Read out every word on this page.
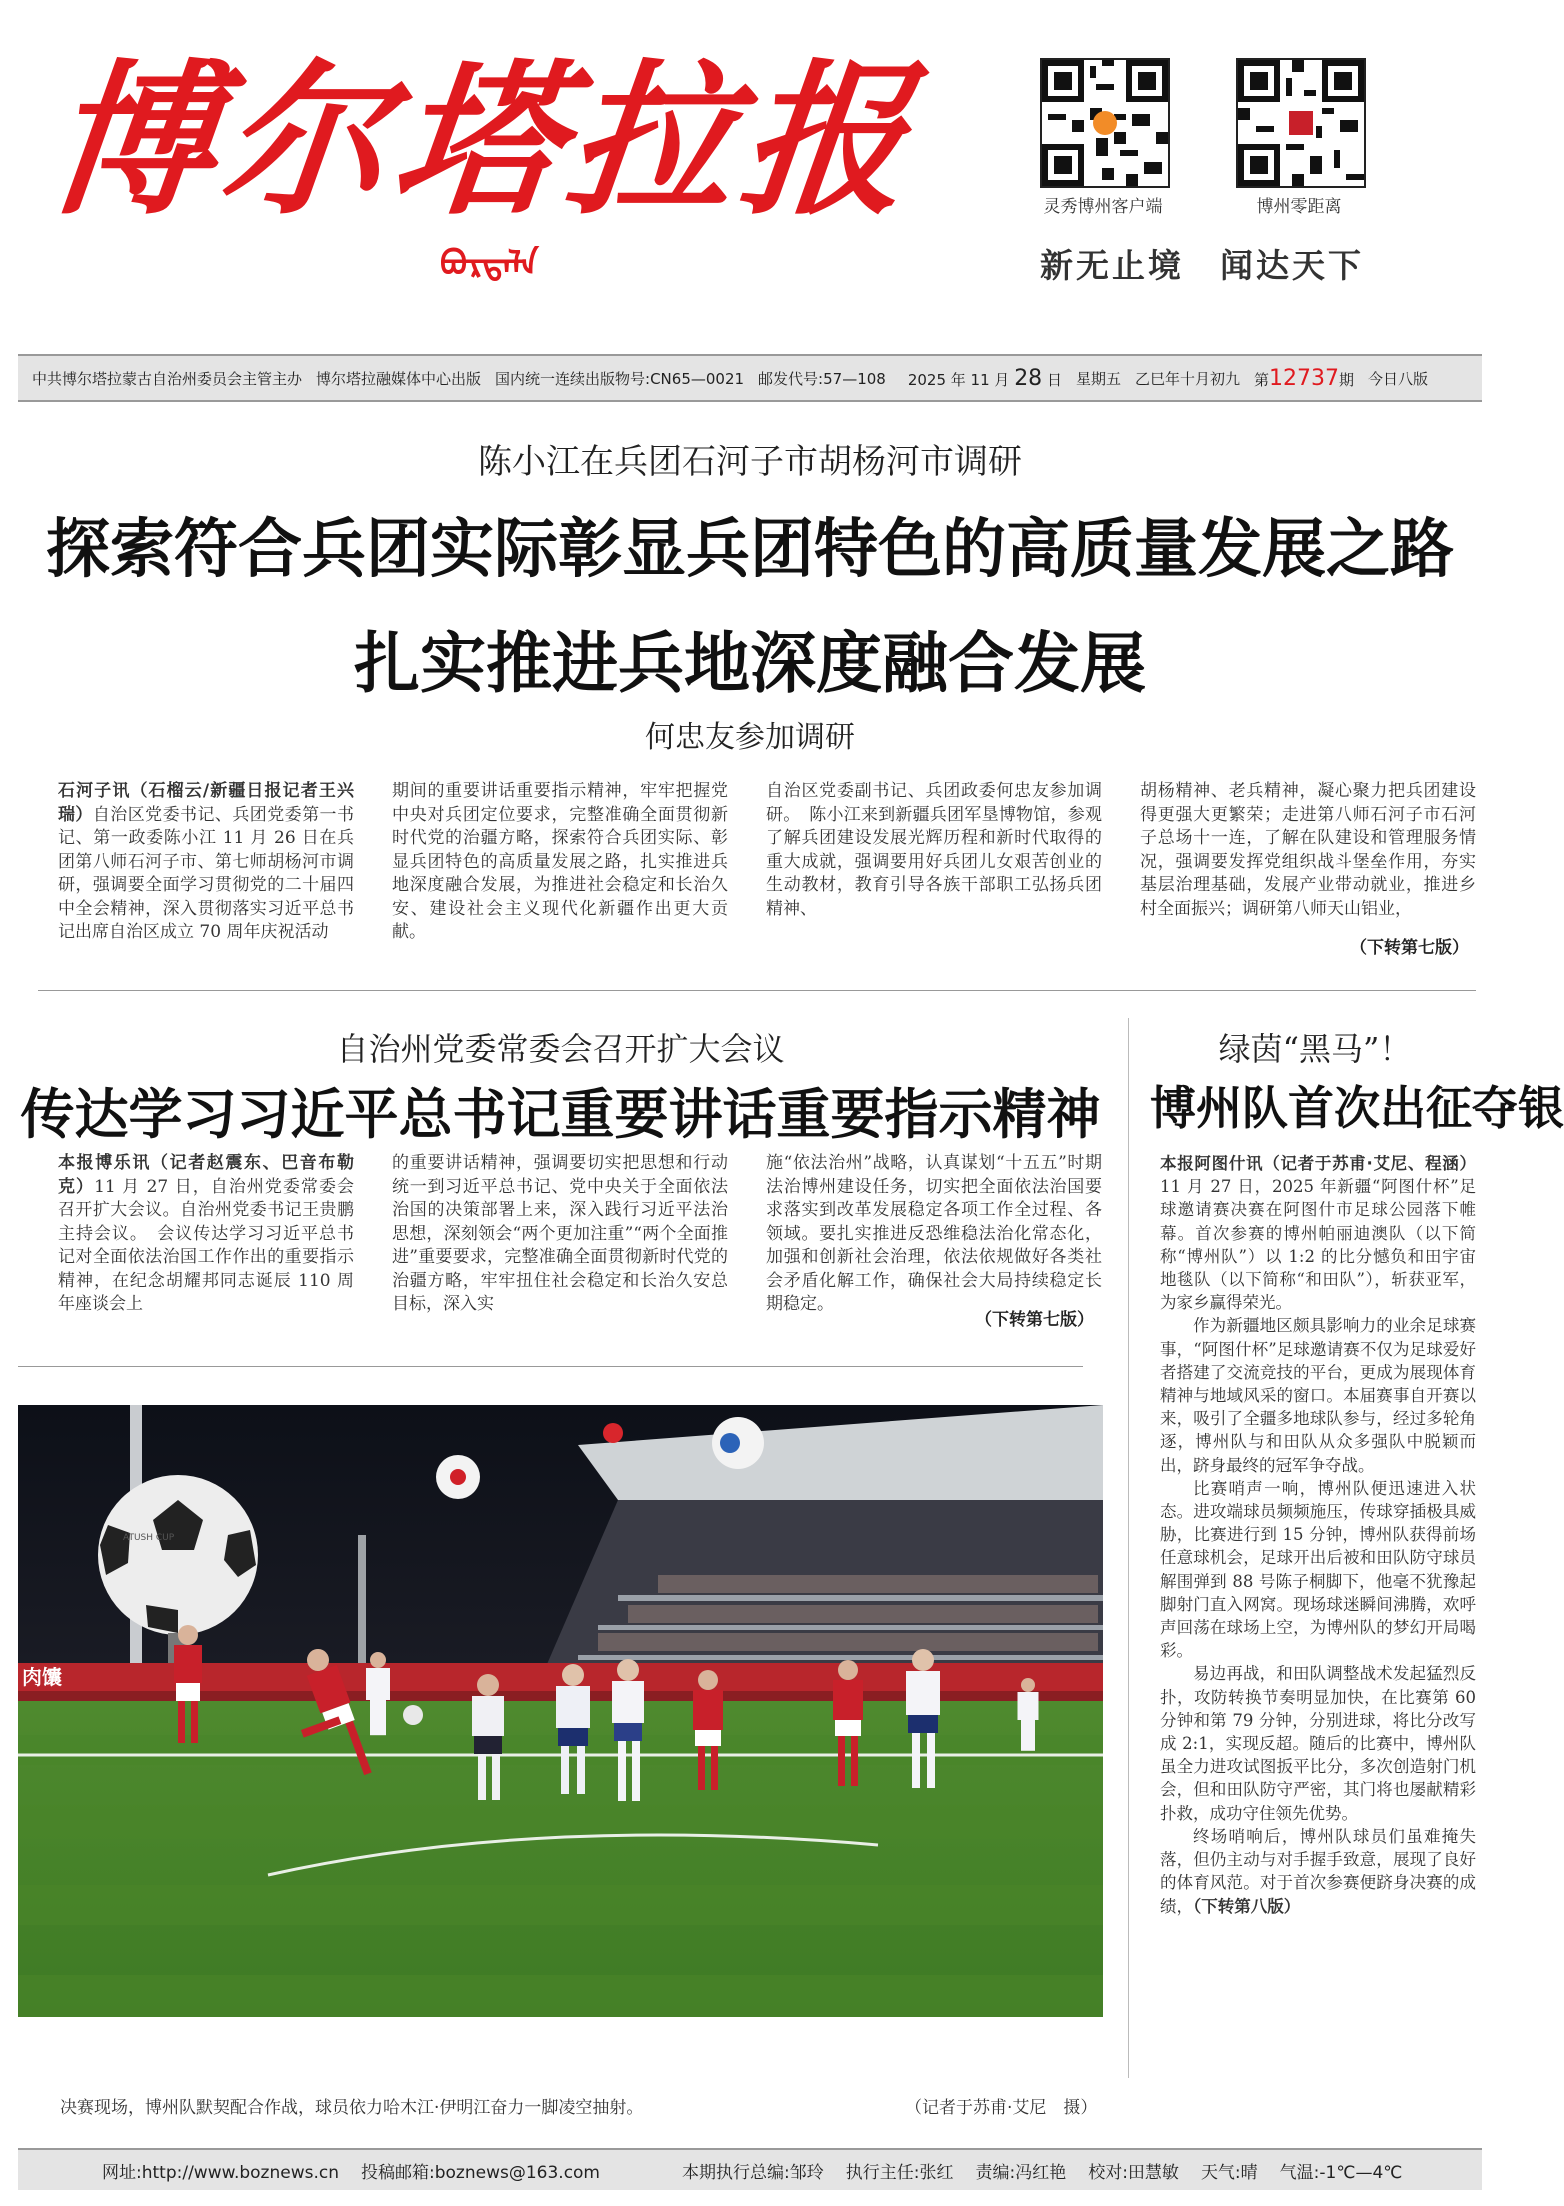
博尔塔拉报
ᠪᠣᠷᠲᠠᠯᠠ
灵秀博州客户端	博州零距离
新无止境　闻达天下
中共博尔塔拉蒙古自治州委员会主管主办 博尔塔拉融媒体中心出版 国内统一连续出版物号:CN65—0021 邮发代号:57—108 2025 年 11 月 28 日 星期五 乙巳年十月初九 第12737期 今日八版
陈小江在兵团石河子市胡杨河市调研
探索符合兵团实际彰显兵团特色的高质量发展之路
扎实推进兵地深度融合发展
何忠友参加调研
石河子讯（石榴云/新疆日报记者王兴瑞）自治区党委书记、兵团党委第一书记、第一政委陈小江 11 月 26 日在兵团第八师石河子市、第七师胡杨河市调研，强调要全面学习贯彻党的二十届四中全会精神，深入贯彻落实习近平总书记出席自治区成立 70 周年庆祝活动
期间的重要讲话重要指示精神，牢牢把握党中央对兵团定位要求，完整准确全面贯彻新时代党的治疆方略，探索符合兵团实际、彰显兵团特色的高质量发展之路，扎实推进兵地深度融合发展，为推进社会稳定和长治久安、建设社会主义现代化新疆作出更大贡献。
自治区党委副书记、兵团政委何忠友参加调研。　陈小江来到新疆兵团军垦博物馆，参观了解兵团建设发展光辉历程和新时代取得的重大成就，强调要用好兵团儿女艰苦创业的生动教材，教育引导各族干部职工弘扬兵团精神、
胡杨精神、老兵精神，凝心聚力把兵团建设得更强大更繁荣；走进第八师石河子市石河子总场十一连，了解在队建设和管理服务情况，强调要发挥党组织战斗堡垒作用，夯实基层治理基础，发展产业带动就业，推进乡村全面振兴；调研第八师天山铝业，
（下转第七版）
自治州党委常委会召开扩大会议
传达学习习近平总书记重要讲话重要指示精神
本报博乐讯（记者赵震东、巴音布勒克）11 月 27 日，自治州党委常委会召开扩大会议。自治州党委书记王贵鹏主持会议。　会议传达学习习近平总书记对全面依法治国工作作出的重要指示精神，在纪念胡耀邦同志诞辰 110 周年座谈会上
的重要讲话精神，强调要切实把思想和行动统一到习近平总书记、党中央关于全面依法治国的决策部署上来，深入践行习近平法治思想，深刻领会“两个更加注重”“两个全面推进”重要要求，完整准确全面贯彻新时代党的治疆方略，牢牢扭住社会稳定和长治久安总目标，深入实
施“依法治州”战略，认真谋划“十五五”时期法治博州建设任务，切实把全面依法治国要求落实到改革发展稳定各项工作全过程、各领域。要扎实推进反恐维稳法治化常态化，加强和创新社会治理，依法依规做好各类社会矛盾化解工作，确保社会大局持续稳定长期稳定。
（下转第七版）
绿茵“黑马”！
博州队首次出征夺银
本报阿图什讯（记者于苏甫·艾尼、程涵）11 月 27 日，2025 年新疆“阿图什杯”足球邀请赛决赛在阿图什市足球公园落下帷幕。首次参赛的博州帕丽迪澳队（以下简称“博州队”）以 1:2 的比分憾负和田宇宙地毯队（以下简称“和田队”），斩获亚军，为家乡赢得荣光。
作为新疆地区颇具影响力的业余足球赛事，“阿图什杯”足球邀请赛不仅为足球爱好者搭建了交流竞技的平台，更成为展现体育精神与地域风采的窗口。本届赛事自开赛以来，吸引了全疆多地球队参与，经过多轮角逐，博州队与和田队从众多强队中脱颖而出，跻身最终的冠军争夺战。
比赛哨声一响，博州队便迅速进入状态。进攻端球员频频施压，传球穿插极具威胁，比赛进行到 15 分钟，博州队获得前场任意球机会，足球开出后被和田队防守球员解围弹到 88 号陈子桐脚下，他毫不犹豫起脚射门直入网窝。现场球迷瞬间沸腾，欢呼声回荡在球场上空，为博州队的梦幻开局喝彩。
易边再战，和田队调整战术发起猛烈反扑，攻防转换节奏明显加快，在比赛第 60 分钟和第 79 分钟，分别进球，将比分改写成 2:1，实现反超。随后的比赛中，博州队虽全力进攻试图扳平比分，多次创造射门机会，但和田队防守严密，其门将也屡献精彩扑救，成功守住领先优势。
终场哨响后，博州队球员们虽难掩失落，但仍主动与对手握手致意，展现了良好的体育风范。对于首次参赛便跻身决赛的成绩，（下转第八版）
ATUSH CUP
肉馕
决赛现场，博州队默契配合作战，球员依力哈木江·伊明江奋力一脚凌空抽射。	（记者于苏甫·艾尼　摄）
网址:http://www.boznews.cn 投稿邮箱:boznews@163.com	本期执行总编:邹玲 执行主任:张红 责编:冯红艳 校对:田慧敏 天气:晴 气温:-1℃—4℃
